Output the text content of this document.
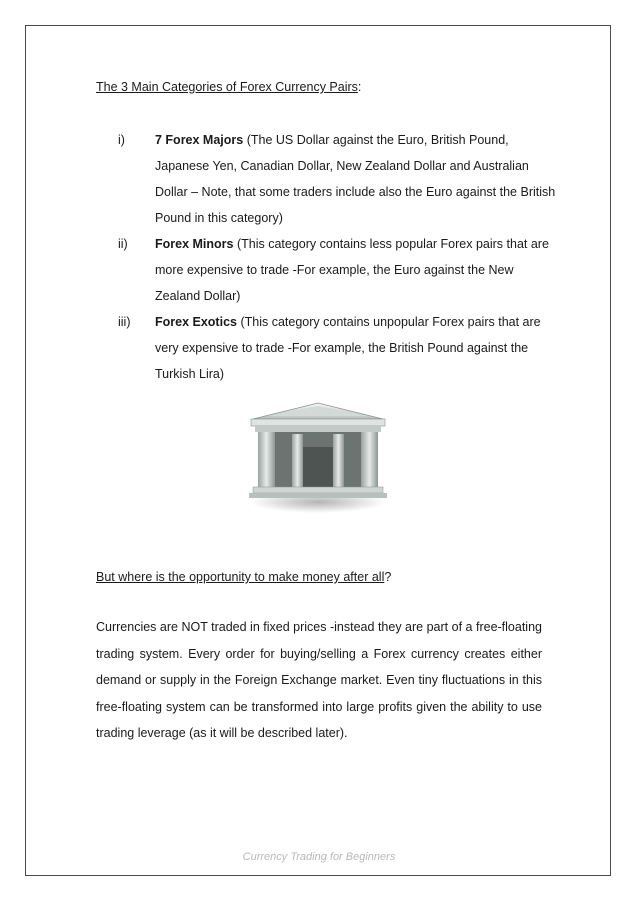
The 3 Main Categories of Forex Currency Pairs:
i) 7 Forex Majors (The US Dollar against the Euro, British Pound, Japanese Yen, Canadian Dollar, New Zealand Dollar and Australian Dollar – Note, that some traders include also the Euro against the British Pound in this category)
ii) Forex Minors (This category contains less popular Forex pairs that are more expensive to trade -For example, the Euro against the New Zealand Dollar)
iii) Forex Exotics (This category contains unpopular Forex pairs that are very expensive to trade -For example, the British Pound against the Turkish Lira)
But where is the opportunity to make money after all?
Currencies are NOT traded in fixed prices -instead they are part of a free-floating trading system. Every order for buying/selling a Forex currency creates either demand or supply in the Foreign Exchange market. Even tiny fluctuations in this free-floating system can be transformed into large profits given the ability to use trading leverage (as it will be described later).
Currency Trading for Beginners
